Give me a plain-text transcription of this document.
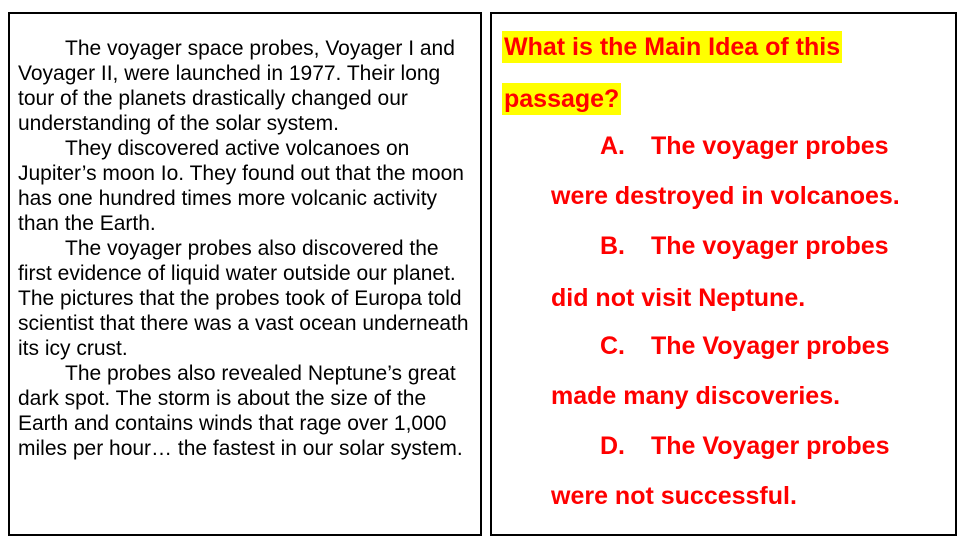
The voyager space probes, Voyager I and Voyager II, were launched in 1977. Their long tour of the planets drastically changed our understanding of the solar system.

They discovered active volcanoes on Jupiter’s moon Io. They found out that the moon has one hundred times more volcanic activity than the Earth.

The voyager probes also discovered the first evidence of liquid water outside our planet. The pictures that the probes took of Europa told scientist that there was a vast ocean underneath its icy crust.

The probes also revealed Neptune’s great dark spot. The storm is about the size of the Earth and contains winds that rage over 1,000 miles per hour… the fastest in our solar system.

What is the Main Idea of this
passage?
A. The voyager probes
were destroyed in volcanoes.
B. The voyager probes
did not visit Neptune.
C. The Voyager probes
made many discoveries.
D. The Voyager probes
were not successful.
